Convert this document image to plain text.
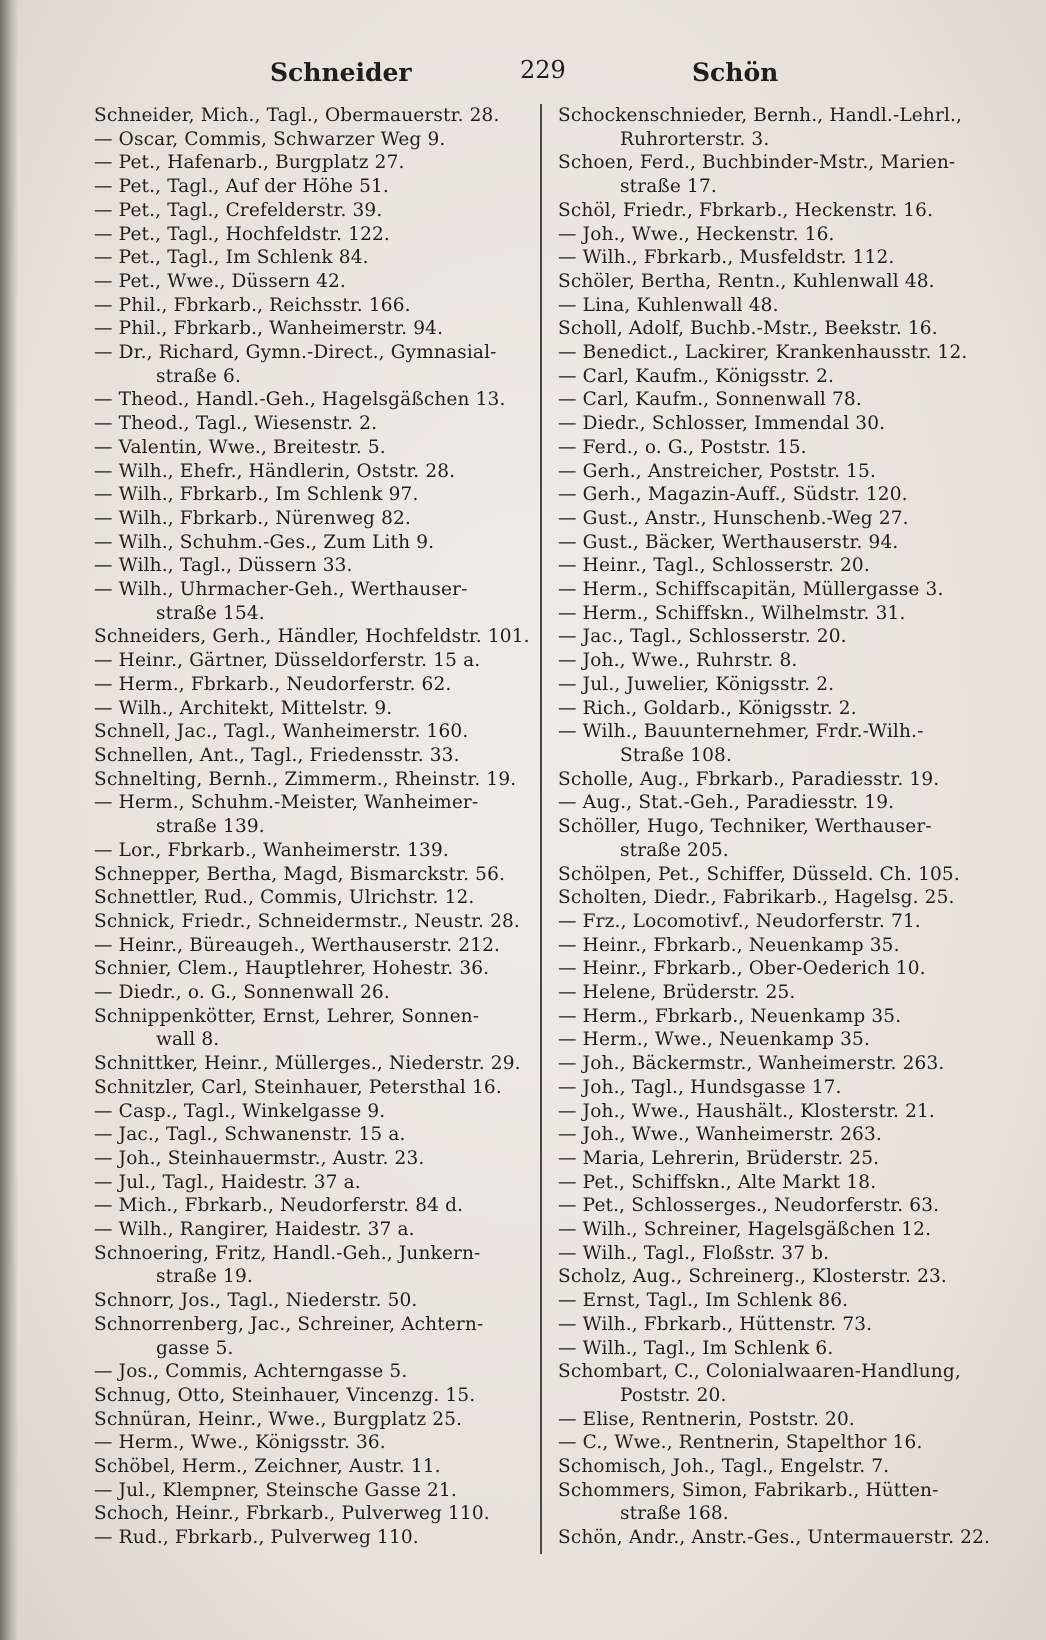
Schneider	229	Schön
Schneider, Mich., Tagl., Obermauerstr. 28.
— Oscar, Commis, Schwarzer Weg 9.
— Pet., Hafenarb., Burgplatz 27.
— Pet., Tagl., Auf der Höhe 51.
— Pet., Tagl., Crefelderstr. 39.
— Pet., Tagl., Hochfeldstr. 122.
— Pet., Tagl., Im Schlenk 84.
— Pet., Wwe., Düssern 42.
— Phil., Fbrkarb., Reichsstr. 166.
— Phil., Fbrkarb., Wanheimerstr. 94.
— Dr., Richard, Gymn.-Direct., Gymnasial-
straße 6.
— Theod., Handl.-Geh., Hagelsgäßchen 13.
— Theod., Tagl., Wiesenstr. 2.
— Valentin, Wwe., Breitestr. 5.
— Wilh., Ehefr., Händlerin, Oststr. 28.
— Wilh., Fbrkarb., Im Schlenk 97.
— Wilh., Fbrkarb., Nürenweg 82.
— Wilh., Schuhm.-Ges., Zum Lith 9.
— Wilh., Tagl., Düssern 33.
— Wilh., Uhrmacher-Geh., Werthauser-
straße 154.
Schneiders, Gerh., Händler, Hochfeldstr. 101.
— Heinr., Gärtner, Düsseldorferstr. 15 a.
— Herm., Fbrkarb., Neudorferstr. 62.
— Wilh., Architekt, Mittelstr. 9.
Schnell, Jac., Tagl., Wanheimerstr. 160.
Schnellen, Ant., Tagl., Friedensstr. 33.
Schnelting, Bernh., Zimmerm., Rheinstr. 19.
— Herm., Schuhm.-Meister, Wanheimer-
straße 139.
— Lor., Fbrkarb., Wanheimerstr. 139.
Schnepper, Bertha, Magd, Bismarckstr. 56.
Schnettler, Rud., Commis, Ulrichstr. 12.
Schnick, Friedr., Schneidermstr., Neustr. 28.
— Heinr., Büreaugeh., Werthauserstr. 212.
Schnier, Clem., Hauptlehrer, Hohestr. 36.
— Diedr., o. G., Sonnenwall 26.
Schnippenkötter, Ernst, Lehrer, Sonnen-
wall 8.
Schnittker, Heinr., Müllerges., Niederstr. 29.
Schnitzler, Carl, Steinhauer, Petersthal 16.
— Casp., Tagl., Winkelgasse 9.
— Jac., Tagl., Schwanenstr. 15 a.
— Joh., Steinhauermstr., Austr. 23.
— Jul., Tagl., Haidestr. 37 a.
— Mich., Fbrkarb., Neudorferstr. 84 d.
— Wilh., Rangirer, Haidestr. 37 a.
Schnoering, Fritz, Handl.-Geh., Junkern-
straße 19.
Schnorr, Jos., Tagl., Niederstr. 50.
Schnorrenberg, Jac., Schreiner, Achtern-
gasse 5.
— Jos., Commis, Achterngasse 5.
Schnug, Otto, Steinhauer, Vincenzg. 15.
Schnüran, Heinr., Wwe., Burgplatz 25.
— Herm., Wwe., Königsstr. 36.
Schöbel, Herm., Zeichner, Austr. 11.
— Jul., Klempner, Steinsche Gasse 21.
Schoch, Heinr., Fbrkarb., Pulverweg 110.
— Rud., Fbrkarb., Pulverweg 110.
Schockenschnieder, Bernh., Handl.-Lehrl.,
Ruhrorterstr. 3.
Schoen, Ferd., Buchbinder-Mstr., Marien-
straße 17.
Schöl, Friedr., Fbrkarb., Heckenstr. 16.
— Joh., Wwe., Heckenstr. 16.
— Wilh., Fbrkarb., Musfeldstr. 112.
Schöler, Bertha, Rentn., Kuhlenwall 48.
— Lina, Kuhlenwall 48.
Scholl, Adolf, Buchb.-Mstr., Beekstr. 16.
— Benedict., Lackirer, Krankenhausstr. 12.
— Carl, Kaufm., Königsstr. 2.
— Carl, Kaufm., Sonnenwall 78.
— Diedr., Schlosser, Immendal 30.
— Ferd., o. G., Poststr. 15.
— Gerh., Anstreicher, Poststr. 15.
— Gerh., Magazin-Auff., Südstr. 120.
— Gust., Anstr., Hunschenb.-Weg 27.
— Gust., Bäcker, Werthauserstr. 94.
— Heinr., Tagl., Schlosserstr. 20.
— Herm., Schiffscapitän, Müllergasse 3.
— Herm., Schiffskn., Wilhelmstr. 31.
— Jac., Tagl., Schlosserstr. 20.
— Joh., Wwe., Ruhrstr. 8.
— Jul., Juwelier, Königsstr. 2.
— Rich., Goldarb., Königsstr. 2.
— Wilh., Bauunternehmer, Frdr.-Wilh.-
Straße 108.
Scholle, Aug., Fbrkarb., Paradiesstr. 19.
— Aug., Stat.-Geh., Paradiesstr. 19.
Schöller, Hugo, Techniker, Werthauser-
straße 205.
Schölpen, Pet., Schiffer, Düsseld. Ch. 105.
Scholten, Diedr., Fabrikarb., Hagelsg. 25.
— Frz., Locomotivf., Neudorferstr. 71.
— Heinr., Fbrkarb., Neuenkamp 35.
— Heinr., Fbrkarb., Ober-Oederich 10.
— Helene, Brüderstr. 25.
— Herm., Fbrkarb., Neuenkamp 35.
— Herm., Wwe., Neuenkamp 35.
— Joh., Bäckermstr., Wanheimerstr. 263.
— Joh., Tagl., Hundsgasse 17.
— Joh., Wwe., Haushält., Klosterstr. 21.
— Joh., Wwe., Wanheimerstr. 263.
— Maria, Lehrerin, Brüderstr. 25.
— Pet., Schiffskn., Alte Markt 18.
— Pet., Schlosserges., Neudorferstr. 63.
— Wilh., Schreiner, Hagelsgäßchen 12.
— Wilh., Tagl., Floßstr. 37 b.
Scholz, Aug., Schreinerg., Klosterstr. 23.
— Ernst, Tagl., Im Schlenk 86.
— Wilh., Fbrkarb., Hüttenstr. 73.
— Wilh., Tagl., Im Schlenk 6.
Schombart, C., Colonialwaaren-Handlung,
Poststr. 20.
— Elise, Rentnerin, Poststr. 20.
— C., Wwe., Rentnerin, Stapelthor 16.
Schomisch, Joh., Tagl., Engelstr. 7.
Schommers, Simon, Fabrikarb., Hütten-
straße 168.
Schön, Andr., Anstr.-Ges., Untermauerstr. 22.
